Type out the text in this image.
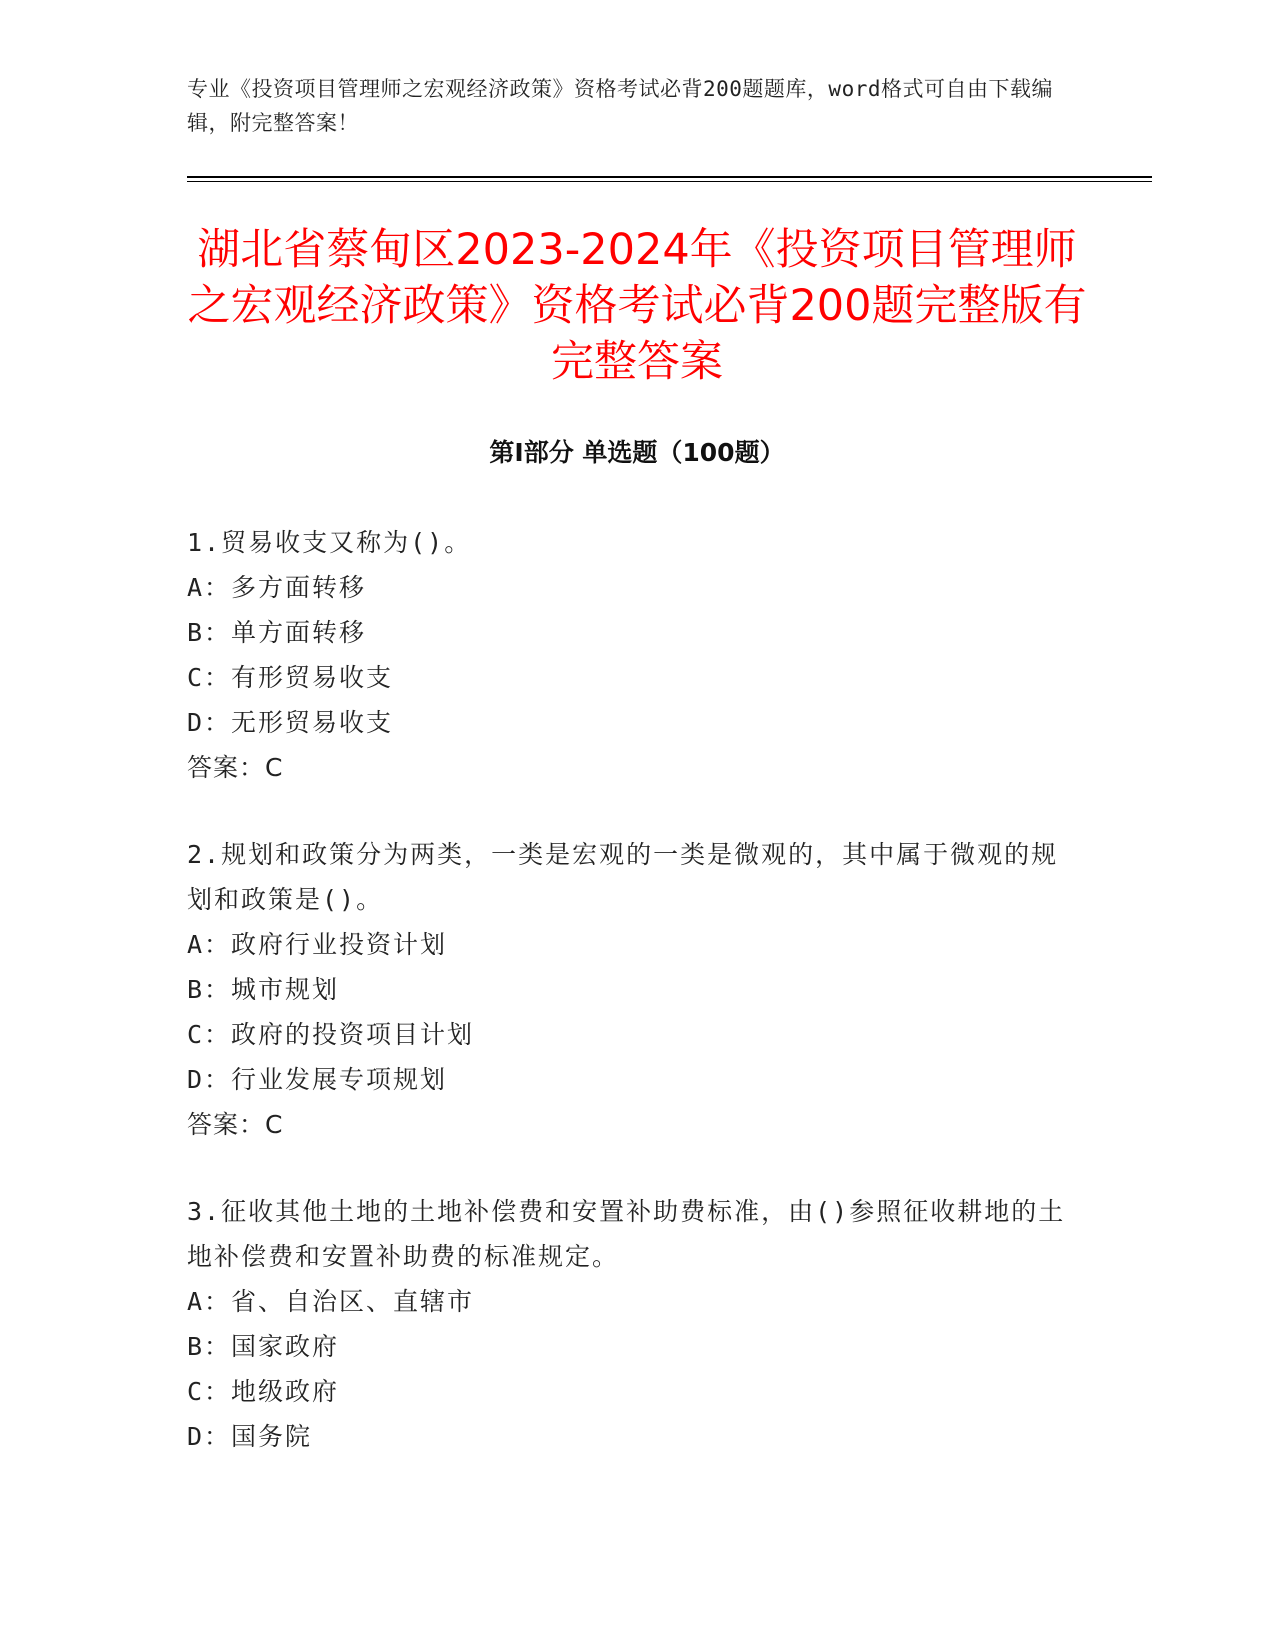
专业《投资项目管理师之宏观经济政策》资格考试必背200题题库，word格式可自由下载编辑，附完整答案！
湖北省蔡甸区2023-2024年《投资项目管理师之宏观经济政策》资格考试必背200题完整版有完整答案
第Ⅰ部分 单选题（100题）

1.贸易收支又称为()。

A：多方面转移

B：单方面转移

C：有形贸易收支

D：无形贸易收支

答案：C

2.规划和政策分为两类，一类是宏观的一类是微观的，其中属于微观的规划和政策是()。

A：政府行业投资计划

B：城市规划

C：政府的投资项目计划

D：行业发展专项规划

答案：C

3.征收其他土地的土地补偿费和安置补助费标准，由()参照征收耕地的土地补偿费和安置补助费的标准规定。

A：省、自治区、直辖市

B：国家政府

C：地级政府

D：国务院
